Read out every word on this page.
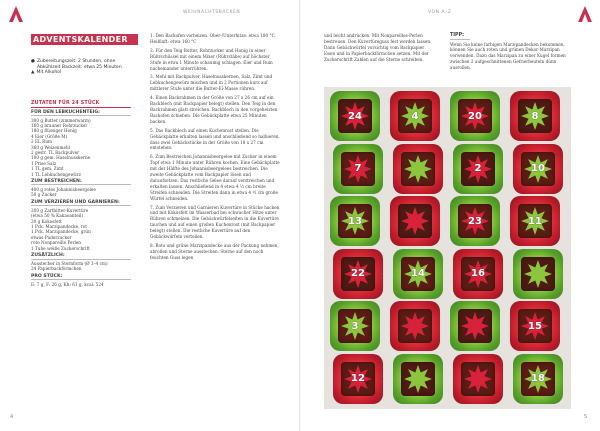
WEIHNACHTSBACKEN	VON A–Z
ADVENTSKALENDER
● Zubereitungszeit: 2 Stunden, ohne Abkühlzeit Backzeit: etwa 25 Minuten
▲ Mit Alkohol
ZUTATEN FÜR 24 STÜCK
FÜR DEN LEBKUCHENTEIG:
300 g Butter (zimmerwarm)
160 g brauner Rohrzucker
180 g flüssiger Honig
4 Eier (Größe M)
2 EL Rum
360 g Weizenmehl
2 gestr. TL Backpulver
100 g gem. Haselnusskerne
1 Prise Salz
1 TL gem. Zimt
1 TL Lebkuchengewürz
ZUM BESTREICHEN:
400 g rotes Johannisbeergelee
50 g Zucker
ZUM VERZIEREN UND GARNIEREN:
200 g Zartbitter-Kuvertüre
(etwa 50 % Kakaoanteil)
20 g Kokosfett
1 Pck. Marzipandecke, rot
1 Pck. Marzipandecke, grün
etwas Puderzucker
rote Nonpareille Perlen
1 Tube weiße Zuckerschrift
ZUSÄTZLICH:
Ausstecher in Sternform (Ø 3–4 cm)
24 Papierbackförmchen
PRO STÜCK:
E: 7 g, F: 26 g, Kh: 61 g, kcal: 524
1. Den Backofen vorheizen. Ober-/Unterhitze: etwa 180 °C Heißluft: etwa 160 °C
2. Für den Teig Butter, Rohrzucker und Honig in einer Rührschüssel mit einem Mixer (Rührstäbe) auf höchster Stufe in etwa 1 Minute schaumig schlagen. Eier und Rum nacheinander unterrühren.
3. Mehl mit Backpulver, Haselnusskernen, Salz, Zimt und Lebkuchengewürz mischen und in 2 Portionen kurz auf mittlerer Stufe unter die Butter-Ei-Masse rühren.
4. Einen Backrahmen in der Größe von 27 x 26 cm auf ein Backblech (mit Backpapier belegt) stellen. Den Teig in den Backrahmen glatt streichen. Backblech in den vorgeheizten Backofen schieben. Die Gebäckplatte etwa 25 Minuten backen.
5. Das Backblech auf einen Kuchenrost stellen. Die Gebäckplatte erkalten lassen und anschließend so halbieren, dass zwei Gebäckstücke in der Größe von 18 x 27 cm entstehen.
6. Zum Bestreichen Johannisbeergelee mit Zucker in einem Topf etwa 1 Minute unter Rühren kochen. Eine Gebäckplatte mit der Hälfte des Johannisbeergelees bestreichen. Die zweite Gebäckplatte vom Backpapier lösen und daraufsetzen. Das restliche Gelee darauf verstreichen und erkalten lassen. Anschließend in 4 etwa 4 ½ cm breite Streifen schneiden. Die Streifen dann in etwa 4 ½ cm große Würfel schneiden.
7. Zum Verzieren und Garnieren Kuvertüre in Stücke hacken und mit Kokosfett im Wasserbad bei schwacher Hitze unter Rühren schmelzen. Die Gebäckwürfelseiten in die Kuvertüre tauchen und auf einen großen Kuchenrost (mit Backpapier belegt) stellen. Die restliche Kuvertüre auf den Gebäckwürfeln verteilen.
8. Roto und grüne Marzipandecke aus der Packung nehmen, abrollen und Sterne ausstechen. Sterne auf den noch feuchten Guss legen
und leicht andrücken. Mit Nonpareilles-Perlen bestreuen. Den Kuvertüreguss fest werden lassen. Dann Gebäckwürfel vorsichtig vom Backpapier lösen und in Papierbackförmchen setzen. Mit der Zuckerschrift Zahlen auf die Sterne schreiben.
TIPP:
Wenn Sie keine farbigen Marzipandecken bekommen, können Sie auch roten und grünen Dekor-Marzipan verwenden. Dazu das Marzipan zu einer Kugel formen zwischen 2 aufgeschnittenen Gefrierbeuteln dünn ausrollen.
24	4	20	8
7	2	10
13	23	11
22	14	16
3	15
12	18
4	5
